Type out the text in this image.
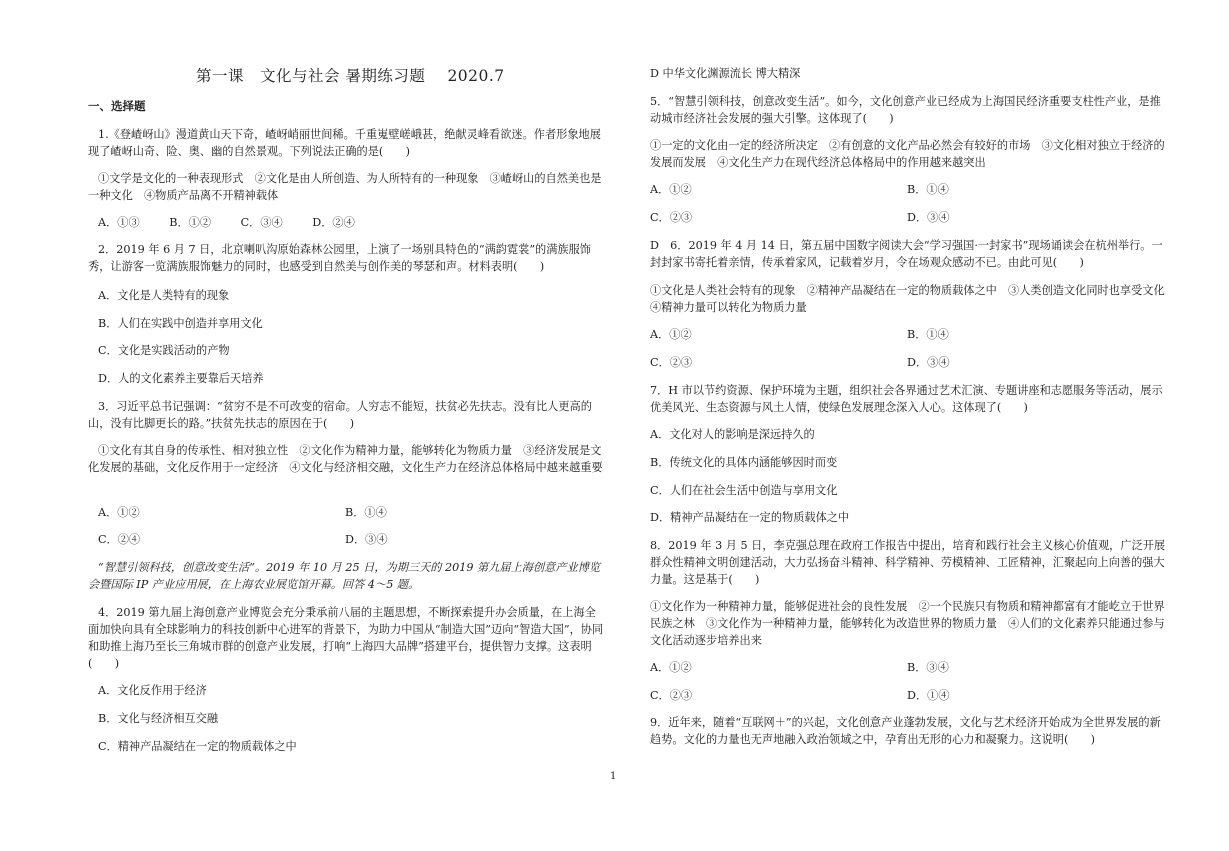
第一课　文化与社会 暑期练习题 2020.7
一、选择题

1.《登嵖岈山》漫道黄山天下奇，嵖岈峭丽世间稀。千重嵬壁嵯峨甚，绝献灵峰看欲迷。作者形象地展现了嵖岈山奇、险、奥、幽的自然景观。下列说法正确的是(　　)

①文学是文化的一种表现形式　②文化是由人所创造、为人所特有的一种现象　③嵖岈山的自然美也是一种文化　④物质产品离不开精神载体

A．①③	B．①②	C．③④	D．②④

2．2019 年 6 月 7 日，北京喇叭沟原始森林公园里，上演了一场别具特色的“满韵霓裳”的满族服饰秀，让游客一览满族服饰魅力的同时，也感受到自然美与创作美的琴瑟和声。材料表明(　　)

A．文化是人类特有的现象
B．人们在实践中创造并享用文化
C．文化是实践活动的产物
D．人的文化素养主要靠后天培养

3．习近平总书记强调：“贫穷不是不可改变的宿命。人穷志不能短，扶贫必先扶志。没有比人更高的山，没有比脚更长的路。”扶贫先扶志的原因在于(　　)

①文化有其自身的传承性、相对独立性　②文化作为精神力量，能够转化为物质力量　③经济发展是文化发展的基础，文化反作用于一定经济　④文化与经济相交融，文化生产力在经济总体格局中越来越重要

A．①②	B．①④
C．②④	D．③④

“智慧引领科技，创意改变生活”。2019 年 10 月 25 日，为期三天的 2019 第九届上海创意产业博览会暨国际 IP 产业应用展，在上海农业展览馆开幕。回答 4～5 题。

4．2019 第九届上海创意产业博览会充分秉承前八届的主题思想，不断探索提升办会质量，在上海全面加快向具有全球影响力的科技创新中心进军的背景下，为助力中国从“制造大国”迈向“智造大国”，协同和助推上海乃至长三角城市群的创意产业发展，打响“上海四大品牌”搭建平台，提供智力支撑。这表明(　　)

A．文化反作用于经济
B．文化与经济相互交融
C．精神产品凝结在一定的物质载体之中
D 中华文化渊源流长 博大精深

5．“智慧引领科技，创意改变生活”。如今，文化创意产业已经成为上海国民经济重要支柱性产业，是推动城市经济社会发展的强大引擎。这体现了(　　)

①一定的文化由一定的经济所决定　②有创意的文化产品必然会有较好的市场　③文化相对独立于经济的发展而发展　④文化生产力在现代经济总体格局中的作用越来越突出

A．①②	B．①④
C．②③	D．③④

D　6．2019 年 4 月 14 日，第五届中国数字阅读大会“学习强国·一封家书”现场诵读会在杭州举行。一封封家书寄托着亲情，传承着家风，记载着岁月，令在场观众感动不已。由此可见(　　)

①文化是人类社会特有的现象　②精神产品凝结在一定的物质载体之中　③人类创造文化同时也享受文化　④精神力量可以转化为物质力量

A．①②	B．①④
C．②③	D．③④

7．H 市以节约资源、保护环境为主题，组织社会各界通过艺术汇演、专题讲座和志愿服务等活动，展示优美风光、生态资源与风土人情，使绿色发展理念深入人心。这体现了(　　)

A．文化对人的影响是深远持久的
B．传统文化的具体内涵能够因时而变
C．人们在社会生活中创造与享用文化
D．精神产品凝结在一定的物质载体之中

8．2019 年 3 月 5 日，李克强总理在政府工作报告中提出，培育和践行社会主义核心价值观，广泛开展群众性精神文明创建活动，大力弘扬奋斗精神、科学精神、劳模精神、工匠精神，汇聚起向上向善的强大力量。这是基于(　　)

①文化作为一种精神力量，能够促进社会的良性发展　②一个民族只有物质和精神都富有才能屹立于世界民族之林　③文化作为一种精神力量，能够转化为改造世界的物质力量　④人们的文化素养只能通过参与文化活动逐步培养出来

A．①②	B．③④
C．②③	D．①④

9．近年来，随着“互联网＋”的兴起，文化创意产业蓬勃发展，文化与艺术经济开始成为全世界发展的新趋势。文化的力量也无声地融入政治领域之中，孕育出无形的心力和凝聚力。这说明(　　)

1
